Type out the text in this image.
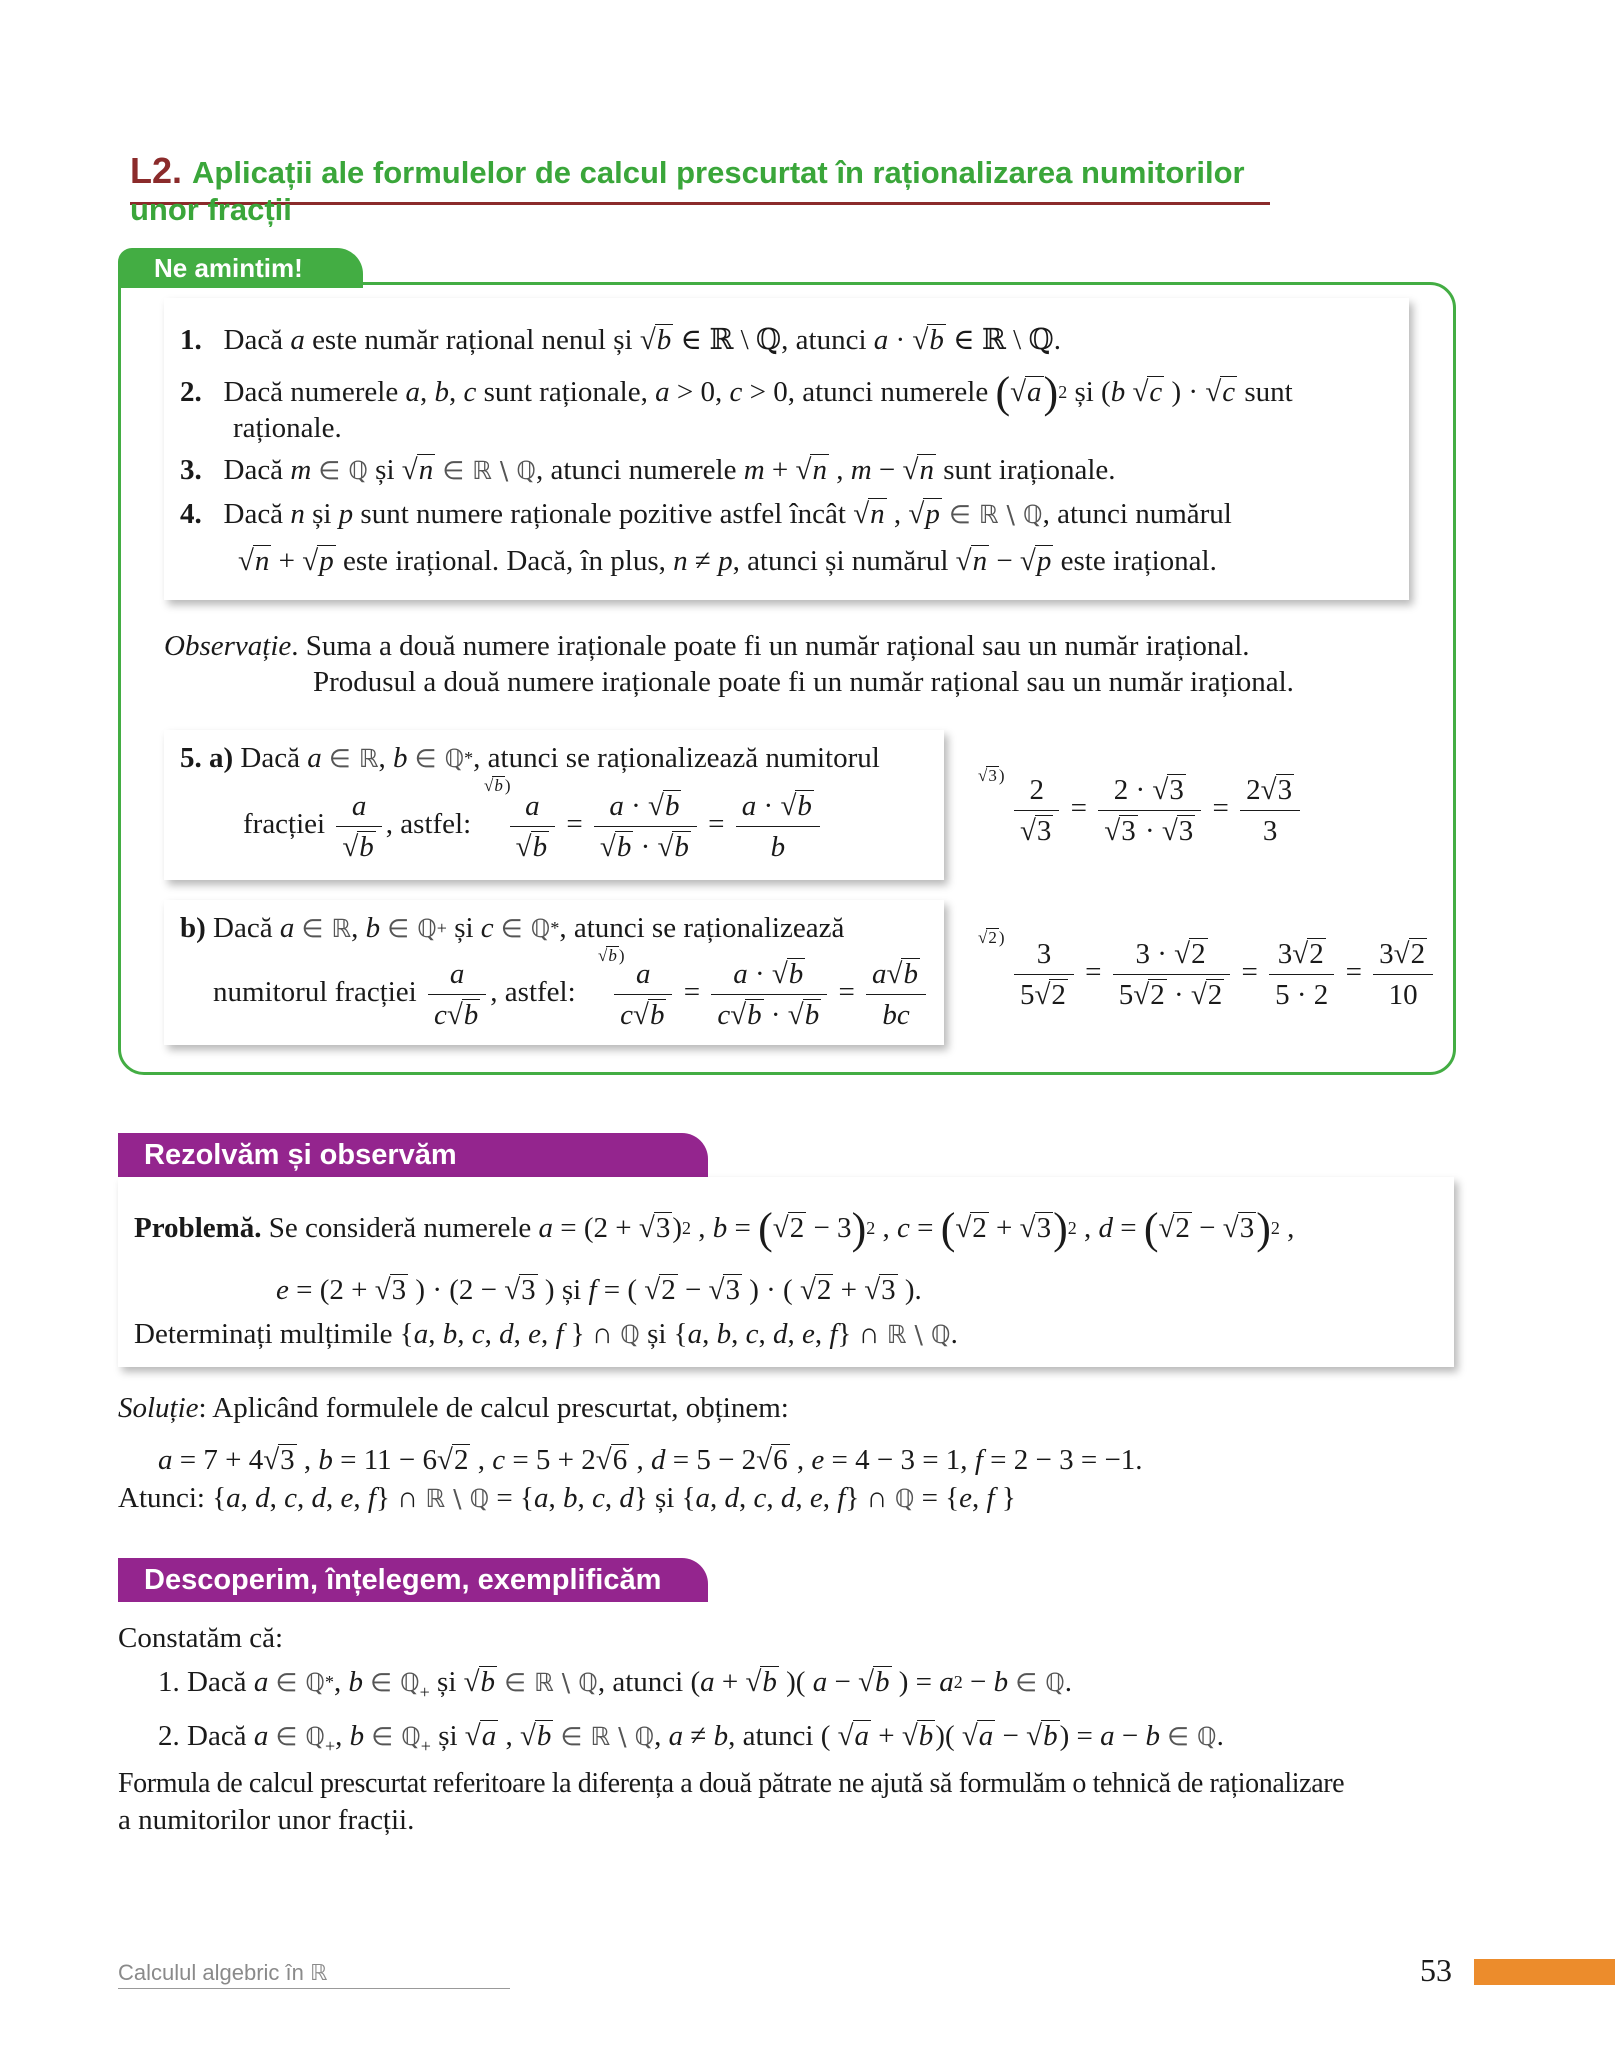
L2. Aplicații ale formulelor de calcul prescurtat în raționalizarea numitorilor unor fracții
Ne amintim!
1. Dacă a este număr rațional nenul și √b ∈ ℝ \ ℚ, atunci a · √b ∈ ℝ \ ℚ.
2. Dacă numerele a, b, c sunt raționale, a > 0, c > 0, atunci numerele $(√a)^2$ și (b √c ) · √c sunt
raționale.
3. Dacă m ∈ ℚ și √n ∈ ℝ \ ℚ, atunci numerele m + √n , m − √n sunt iraționale.
4. Dacă n și p sunt numere raționale pozitive astfel încât √n , √p ∈ ℝ \ ℚ, atunci numărul
√n + √p este irațional. Dacă, în plus, n ≠ p, atunci și numărul √n − √p este irațional.
Observație. Suma a două numere iraționale poate fi un număr rațional sau un număr irațional.
Produsul a două numere iraționale poate fi un număr rațional sau un număr irațional.
5. a) Dacă a ∈ ℝ, b ∈ ℚ*, atunci se raționalizează numitorul
fracției $\frac{a}{√b}$ , astfel: $\frac{a}{√b} = \frac{a \cdot √b}{√b \cdot √b} = \frac{a \cdot √b}{b}$
√b )
√3 ) $\frac{2}{√3} = \frac{2 \cdot √3}{√3 \cdot √3} = \frac{2√3}{3}$
b) Dacă a ∈ ℝ, b ∈ ℚ+ și c ∈ ℚ*, atunci se raționalizează
numitorul fracției $\frac{a}{c√b}$ , astfel: $\frac{a}{c√b} = \frac{a \cdot √b}{c√b \cdot √b} = \frac{a√b}{bc}$
√b )
√2 ) $\frac{3}{5√2} = \frac{3 \cdot √2}{5√2 \cdot √2} = \frac{3√2}{5 \cdot 2} = \frac{3√2}{10}$
Rezolvăm și observăm
Problemă. Se consideră numerele $a = (2 + √3)^2$ , $b = (√2 - 3)^2$ , $c = (√2 + √3)^2$ , $d = (√2 - √3)^2$ ,
e = (2 + √3 ) · (2 − √3 ) și f = ( √2 − √3 ) · ( √2 + √3 ).
Determinați mulțimile {a, b, c, d, e, f } ∩ ℚ și {a, b, c, d, e, f} ∩ ℝ \ ℚ.
Soluție: Aplicând formulele de calcul prescurtat, obținem:
a = 7 + 4√3 , b = 11 − 6√2 , c = 5 + 2√6 , d = 5 − 2√6 , e = 4 − 3 = 1, f = 2 − 3 = −1.
Atunci: {a, d, c, d, e, f} ∩ ℝ \ ℚ = {a, b, c, d} și {a, d, c, d, e, f} ∩ ℚ = {e, f }
Descoperim, înțelegem, exemplificăm
Constatăm că:
1. Dacă a ∈ ℚ*, b ∈ ℚ$_+$ și √b ∈ ℝ \ ℚ, atunci (a + √b )( a − √b ) = $a^2 - b$ ∈ ℚ.
2. Dacă a ∈ ℚ$_+$, b ∈ ℚ$_+$ și √a , √b ∈ ℝ \ ℚ, a ≠ b, atunci ( √a + √b)( √a − √b) = a − b ∈ ℚ.
Formula de calcul prescurtat referitoare la diferența a două pătrate ne ajută să formulăm o tehnică de raționalizare
a numitorilor unor fracții.
Calculul algebric în ℝ	53
